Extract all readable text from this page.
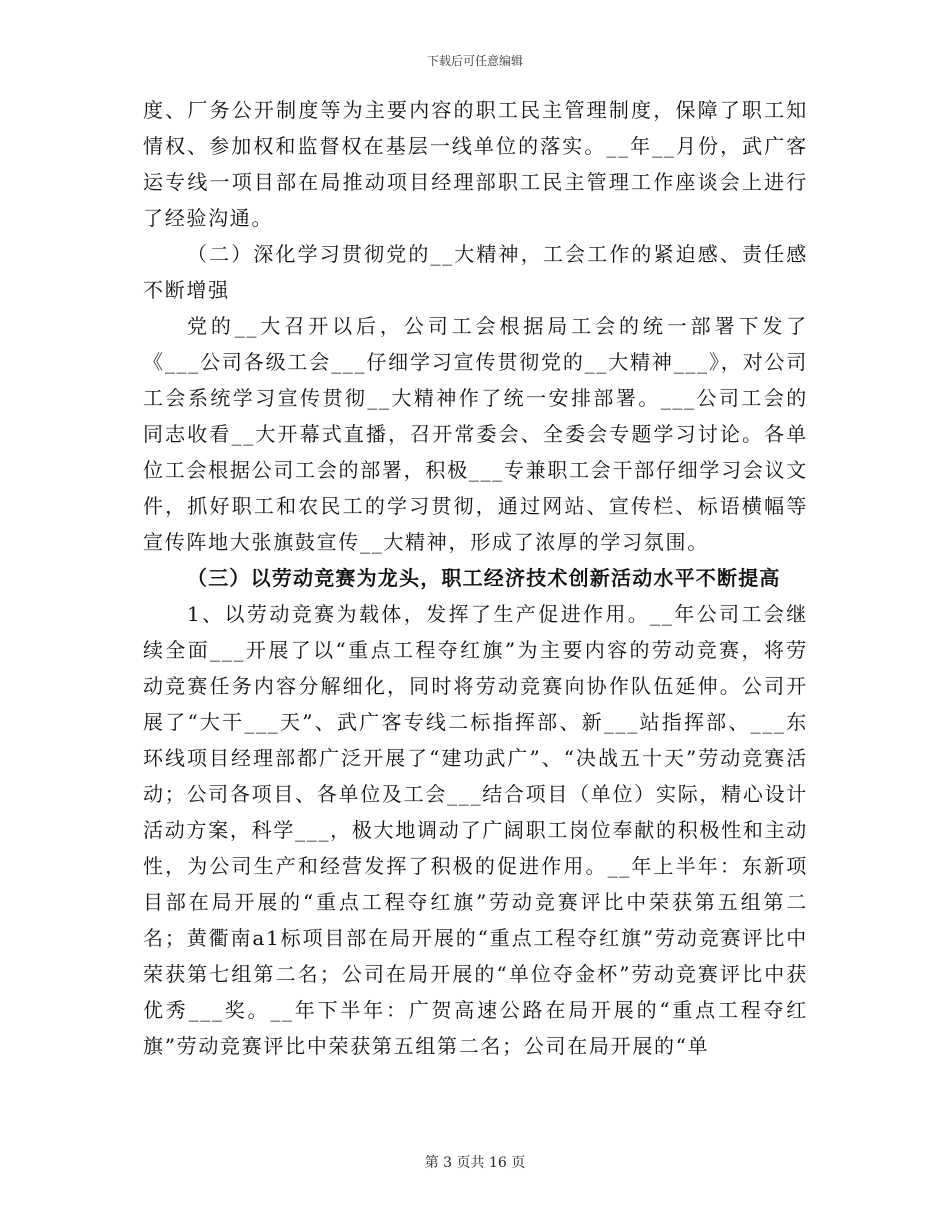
下载后可任意编辑

度、厂务公开制度等为主要内容的职工民主管理制度，保障了职工知情权、参加权和监督权在基层一线单位的落实。__年__月份，武广客运专线一项目部在局推动项目经理部职工民主管理工作座谈会上进行了经验沟通。

（二）深化学习贯彻党的__大精神，工会工作的紧迫感、责任感不断增强

党的__大召开以后，公司工会根据局工会的统一部署下发了《___公司各级工会___仔细学习宣传贯彻党的__大精神___》，对公司工会系统学习宣传贯彻__大精神作了统一安排部署。___公司工会的同志收看__大开幕式直播，召开常委会、全委会专题学习讨论。各单位工会根据公司工会的部署，积极___专兼职工会干部仔细学习会议文件，抓好职工和农民工的学习贯彻，通过网站、宣传栏、标语横幅等宣传阵地大张旗鼓宣传__大精神，形成了浓厚的学习氛围。

（三）以劳动竞赛为龙头，职工经济技术创新活动水平不断提高

1、以劳动竞赛为载体，发挥了生产促进作用。__年公司工会继续全面___开展了以“重点工程夺红旗”为主要内容的劳动竞赛，将劳动竞赛任务内容分解细化，同时将劳动竞赛向协作队伍延伸。公司开展了“大干___天”、武广客专线二标指挥部、新___站指挥部、___东环线项目经理部都广泛开展了“建功武广”、“决战五十天”劳动竞赛活动；公司各项目、各单位及工会___结合项目（单位）实际，精心设计活动方案，科学___，极大地调动了广阔职工岗位奉献的积极性和主动性，为公司生产和经营发挥了积极的促进作用。__年上半年：东新项目部在局开展的“重点工程夺红旗”劳动竞赛评比中荣获第五组第二名；黄衢南a1标项目部在局开展的“重点工程夺红旗”劳动竞赛评比中荣获第七组第二名；公司在局开展的“单位夺金杯”劳动竞赛评比中获优秀___奖。__年下半年：广贺高速公路在局开展的“重点工程夺红旗”劳动竞赛评比中荣获第五组第二名；公司在局开展的“单

第 3 页共 16 页
